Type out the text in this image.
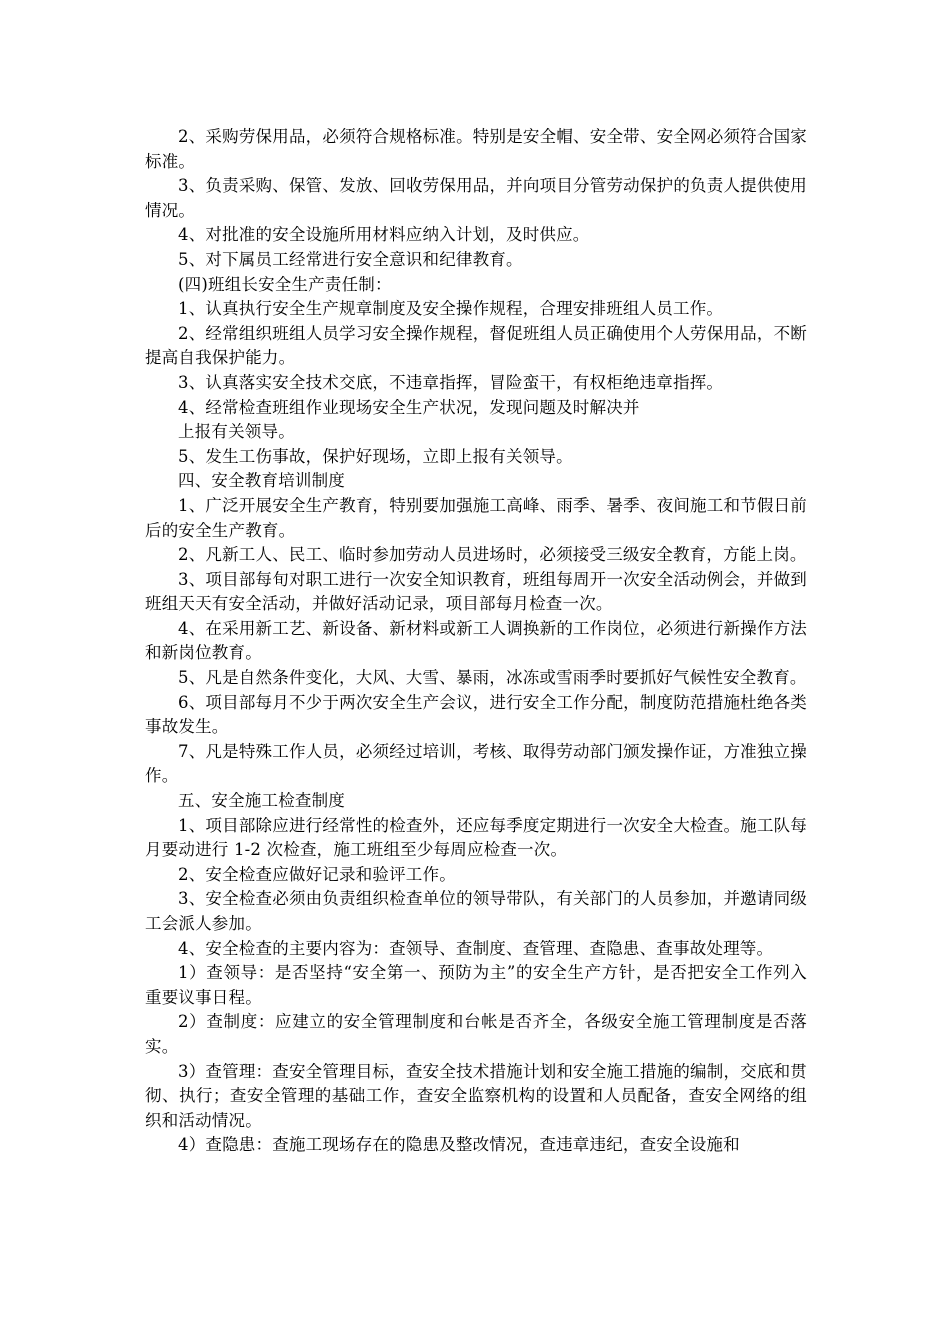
2、采购劳保用品，必须符合规格标准。特别是安全帽、安全带、安全网必须符合国家标准。

3、负责采购、保管、发放、回收劳保用品，并向项目分管劳动保护的负责人提供使用情况。

4、对批准的安全设施所用材料应纳入计划，及时供应。

5、对下属员工经常进行安全意识和纪律教育。

(四)班组长安全生产责任制：

1、认真执行安全生产规章制度及安全操作规程，合理安排班组人员工作。

2、经常组织班组人员学习安全操作规程，督促班组人员正确使用个人劳保用品，不断提高自我保护能力。

3、认真落实安全技术交底，不违章指挥，冒险蛮干，有权柜绝违章指挥。

4、经常检查班组作业现场安全生产状况，发现问题及时解决并

上报有关领导。

5、发生工伤事故，保护好现场，立即上报有关领导。

四、安全教育培训制度

1、广泛开展安全生产教育，特别要加强施工高峰、雨季、暑季、夜间施工和节假日前后的安全生产教育。

2、凡新工人、民工、临时参加劳动人员进场时，必须接受三级安全教育，方能上岗。

3、项目部每旬对职工进行一次安全知识教育，班组每周开一次安全活动例会，并做到班组天天有安全活动，并做好活动记录，项目部每月检查一次。

4、在采用新工艺、新设备、新材料或新工人调换新的工作岗位，必须进行新操作方法和新岗位教育。

5、凡是自然条件变化，大风、大雪、暴雨，冰冻或雪雨季时要抓好气候性安全教育。

6、项目部每月不少于两次安全生产会议，进行安全工作分配，制度防范措施杜绝各类事故发生。

7、凡是特殊工作人员，必须经过培训，考核、取得劳动部门颁发操作证，方准独立操作。

五、安全施工检查制度

1、项目部除应进行经常性的检查外，还应每季度定期进行一次安全大检查。施工队每月要动进行 1-2 次检查，施工班组至少每周应检查一次。

2、安全检查应做好记录和验评工作。

3、安全检查必须由负责组织检查单位的领导带队，有关部门的人员参加，并邀请同级工会派人参加。

4、安全检查的主要内容为：查领导、查制度、查管理、查隐患、查事故处理等。

1）查领导：是否坚持“安全第一、预防为主”的安全生产方针，是否把安全工作列入重要议事日程。

2）查制度：应建立的安全管理制度和台帐是否齐全，各级安全施工管理制度是否落实。

3）查管理：查安全管理目标，查安全技术措施计划和安全施工措施的编制，交底和贯彻、执行；查安全管理的基础工作，查安全监察机构的设置和人员配备，查安全网络的组织和活动情况。

4）查隐患：查施工现场存在的隐患及整改情况，查违章违纪，查安全设施和
